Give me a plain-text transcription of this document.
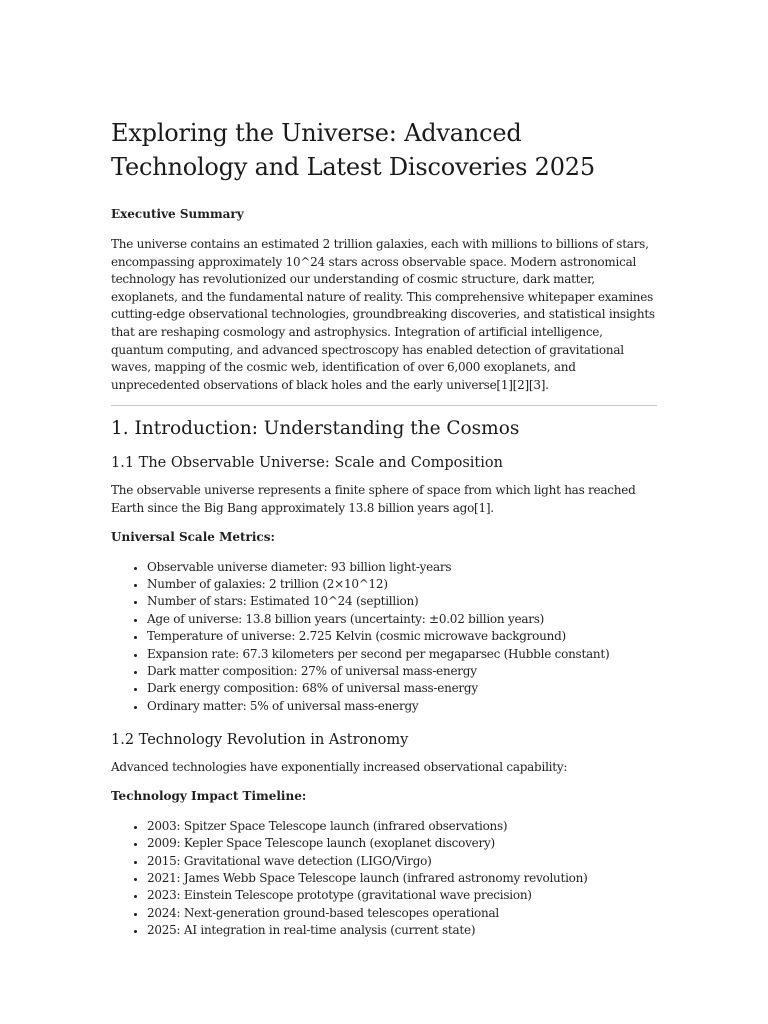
Exploring the Universe: Advanced Technology and Latest Discoveries 2025
Executive Summary

The universe contains an estimated 2 trillion galaxies, each with millions to billions of stars, encompassing approximately 10^24 stars across observable space. Modern astronomical technology has revolutionized our understanding of cosmic structure, dark matter, exoplanets, and the fundamental nature of reality. This comprehensive whitepaper examines cutting-edge observational technologies, groundbreaking discoveries, and statistical insights that are reshaping cosmology and astrophysics. Integration of artificial intelligence, quantum computing, and advanced spectroscopy has enabled detection of gravitational waves, mapping of the cosmic web, identification of over 6,000 exoplanets, and unprecedented observations of black holes and the early universe[1][2][3].

1. Introduction: Understanding the Cosmos
1.1 The Observable Universe: Scale and Composition

The observable universe represents a finite sphere of space from which light has reached Earth since the Big Bang approximately 13.8 billion years ago[1].

Universal Scale Metrics:
• Observable universe diameter: 93 billion light-years
• Number of galaxies: 2 trillion (2×10^12)
• Number of stars: Estimated 10^24 (septillion)
• Age of universe: 13.8 billion years (uncertainty: ±0.02 billion years)
• Temperature of universe: 2.725 Kelvin (cosmic microwave background)
• Expansion rate: 67.3 kilometers per second per megaparsec (Hubble constant)
• Dark matter composition: 27% of universal mass-energy
• Dark energy composition: 68% of universal mass-energy
• Ordinary matter: 5% of universal mass-energy
1.2 Technology Revolution in Astronomy

Advanced technologies have exponentially increased observational capability:

Technology Impact Timeline:
• 2003: Spitzer Space Telescope launch (infrared observations)
• 2009: Kepler Space Telescope launch (exoplanet discovery)
• 2015: Gravitational wave detection (LIGO/Virgo)
• 2021: James Webb Space Telescope launch (infrared astronomy revolution)
• 2023: Einstein Telescope prototype (gravitational wave precision)
• 2024: Next-generation ground-based telescopes operational
• 2025: AI integration in real-time analysis (current state)
